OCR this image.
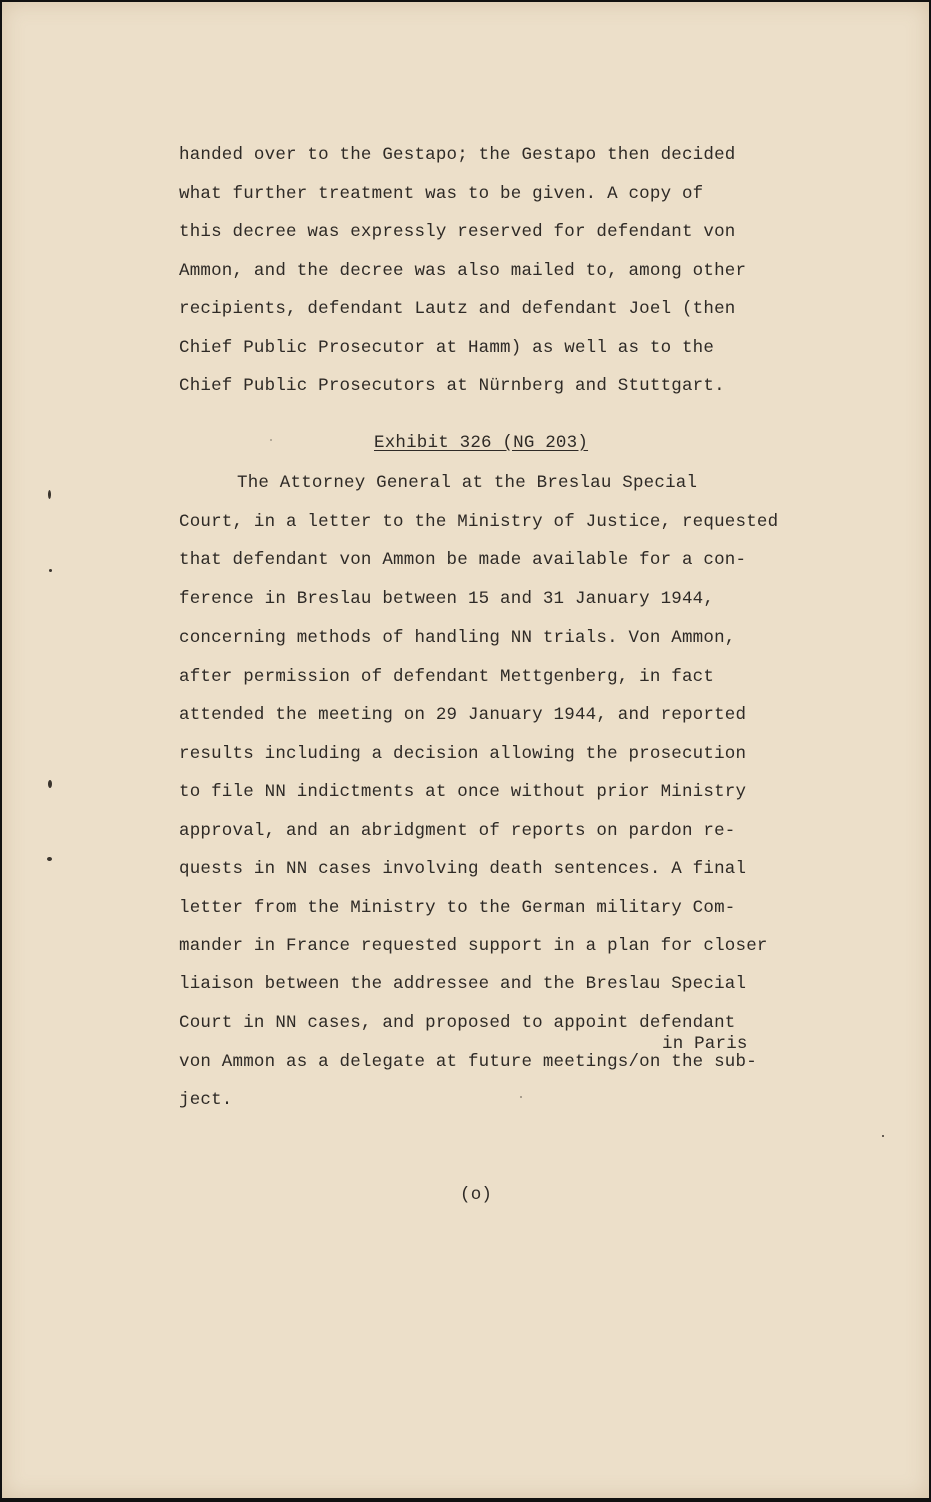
handed over to the Gestapo; the Gestapo then decided
what further treatment was to be given. A copy of
this decree was expressly reserved for defendant von
Ammon, and the decree was also mailed to, among other
recipients, defendant Lautz and defendant Joel (then
Chief Public Prosecutor at Hamm) as well as to the
Chief Public Prosecutors at Nürnberg and Stuttgart.
Exhibit 326 (NG 203)
The Attorney General at the Breslau Special
Court, in a letter to the Ministry of Justice, requested
that defendant von Ammon be made available for a con-
ference in Breslau between 15 and 31 January 1944,
concerning methods of handling NN trials. Von Ammon,
after permission of defendant Mettgenberg, in fact
attended the meeting on 29 January 1944, and reported
results including a decision allowing the prosecution
to file NN indictments at once without prior Ministry
approval, and an abridgment of reports on pardon re-
quests in NN cases involving death sentences. A final
letter from the Ministry to the German military Com-
mander in France requested support in a plan for closer
liaison between the addressee and the Breslau Special
Court in NN cases, and proposed to appoint defendant
von Ammon as a delegate at future meetings/on the sub-
ject.
in Paris
(o)
